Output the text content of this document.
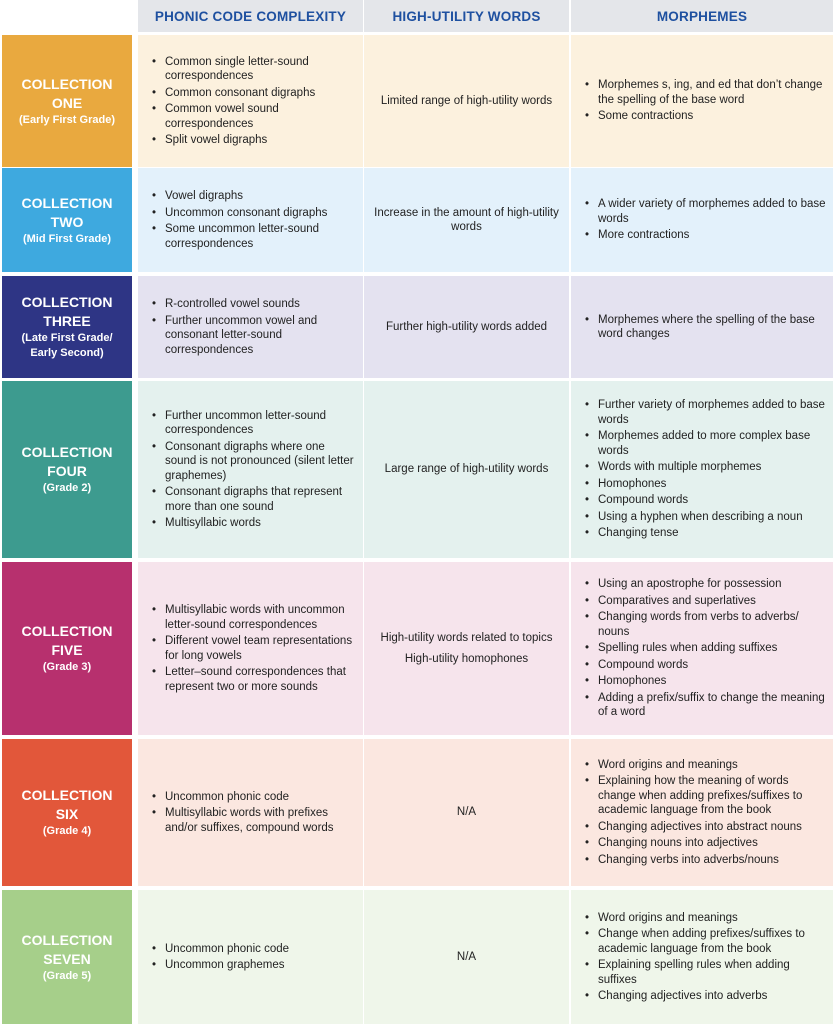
PHONIC CODE COMPLEXITY	HIGH-UTILITY WORDS	MORPHEMES
COLLECTION
ONE
(Early First Grade)
• Common single letter-sound correspondences
• Common consonant digraphs
• Common vowel sound correspondences
• Split vowel digraphs

Limited range of high-utility words

• Morphemes s, ing, and ed that don’t change the spelling of the base word
• Some contractions
COLLECTION
TWO
(Mid First Grade)
• Vowel digraphs
• Uncommon consonant digraphs
• Some uncommon letter-sound correspondences

Increase in the amount of high-utility words

• A wider variety of morphemes added to base words
• More contractions
COLLECTION
THREE
(Late First Grade/
Early Second)
• R-controlled vowel sounds
• Further uncommon vowel and consonant letter-sound correspondences

Further high-utility words added

• Morphemes where the spelling of the base word changes
COLLECTION
FOUR
(Grade 2)
• Further uncommon letter-sound correspondences
• Consonant digraphs where one sound is not pronounced (silent letter graphemes)
• Consonant digraphs that represent more than one sound
• Multisyllabic words

Large range of high-utility words

• Further variety of morphemes added to base words
• Morphemes added to more complex base words
• Words with multiple morphemes
• Homophones
• Compound words
• Using a hyphen when describing a noun
• Changing tense
COLLECTION
FIVE
(Grade 3)
• Multisyllabic words with uncommon letter-sound correspondences
• Different vowel team representations for long vowels
• Letter–sound correspondences that represent two or more sounds

High-utility words related to topics

High-utility homophones

• Using an apostrophe for possession
• Comparatives and superlatives
• Changing words from verbs to adverbs/ nouns
• Spelling rules when adding suffixes
• Compound words
• Homophones
• Adding a prefix/suffix to change the meaning of a word
COLLECTION
SIX
(Grade 4)
• Uncommon phonic code
• Multisyllabic words with prefixes and/or suffixes, compound words

N/A

• Word origins and meanings
• Explaining how the meaning of words change when adding prefixes/suffixes to academic language from the book
• Changing adjectives into abstract nouns
• Changing nouns into adjectives
• Changing verbs into adverbs/nouns
COLLECTION
SEVEN
(Grade 5)
• Uncommon phonic code
• Uncommon graphemes

N/A

• Word origins and meanings
• Change when adding prefixes/suffixes to academic language from the book
• Explaining spelling rules when adding suffixes
• Changing adjectives into adverbs
